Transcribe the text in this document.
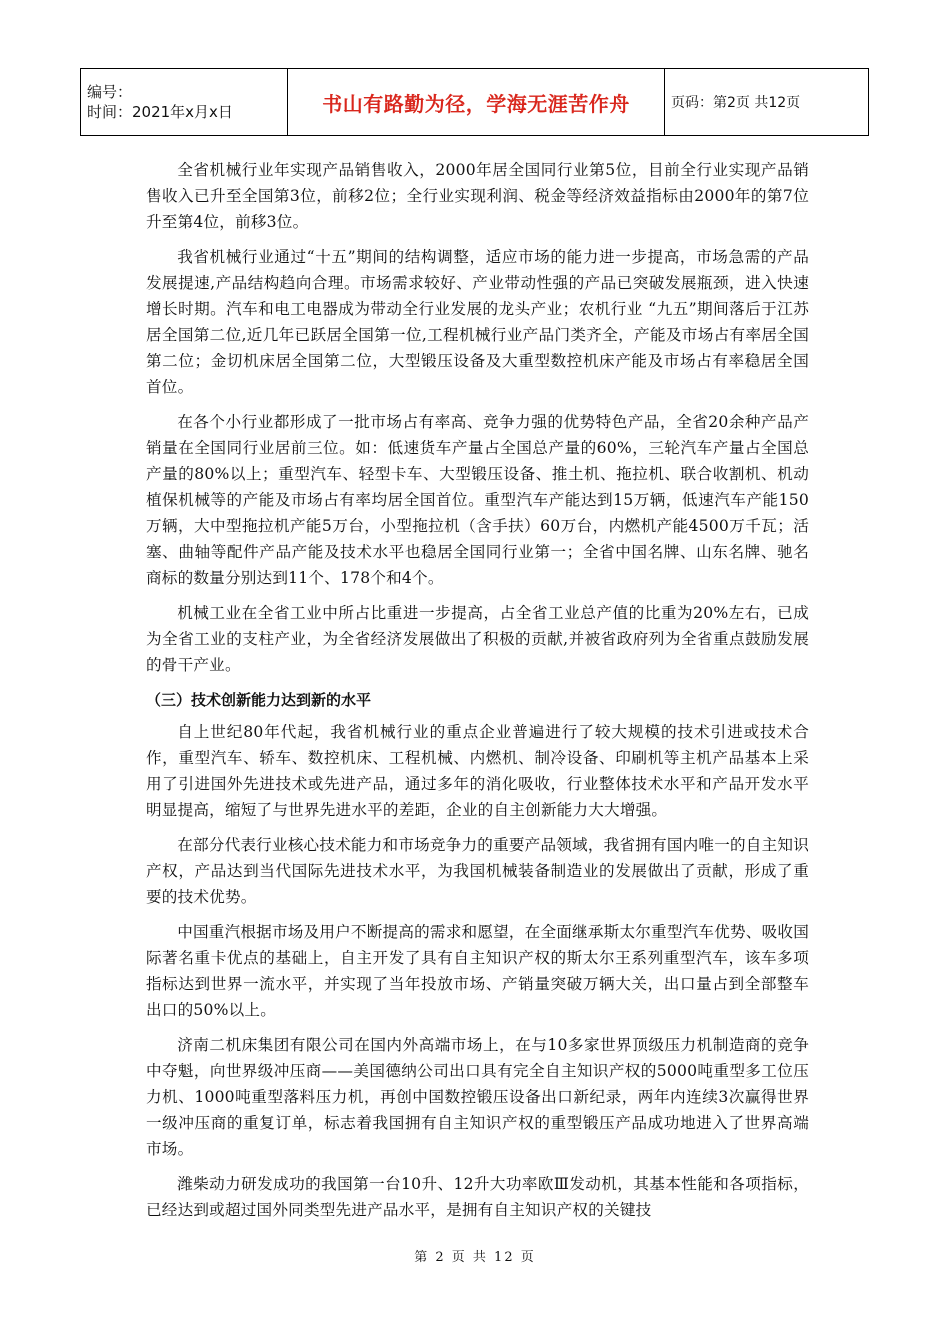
编号：
时间：2021年x月x日	书山有路勤为径，学海无涯苦作舟	页码：第2页 共12页

全省机械行业年实现产品销售收入，2000年居全国同行业第5位，目前全行业实现产品销售收入已升至全国第3位，前移2位；全行业实现利润、税金等经济效益指标由2000年的第7位升至第4位，前移3位。

我省机械行业通过“十五”期间的结构调整，适应市场的能力进一步提高，市场急需的产品发展提速,产品结构趋向合理。市场需求较好、产业带动性强的产品已突破发展瓶颈，进入快速增长时期。汽车和电工电器成为带动全行业发展的龙头产业；农机行业 “九五”期间落后于江苏居全国第二位,近几年已跃居全国第一位,工程机械行业产品门类齐全，产能及市场占有率居全国第二位；金切机床居全国第二位，大型锻压设备及大重型数控机床产能及市场占有率稳居全国首位。

在各个小行业都形成了一批市场占有率高、竞争力强的优势特色产品，全省20余种产品产销量在全国同行业居前三位。如：低速货车产量占全国总产量的60%，三轮汽车产量占全国总产量的80%以上；重型汽车、轻型卡车、大型锻压设备、推土机、拖拉机、联合收割机、机动植保机械等的产能及市场占有率均居全国首位。重型汽车产能达到15万辆，低速汽车产能150万辆，大中型拖拉机产能5万台，小型拖拉机（含手扶）60万台，内燃机产能4500万千瓦；活塞、曲轴等配件产品产能及技术水平也稳居全国同行业第一；全省中国名牌、山东名牌、驰名商标的数量分别达到11个、178个和4个。

机械工业在全省工业中所占比重进一步提高，占全省工业总产值的比重为20%左右，已成为全省工业的支柱产业，为全省经济发展做出了积极的贡献,并被省政府列为全省重点鼓励发展的骨干产业。

（三）技术创新能力达到新的水平

自上世纪80年代起，我省机械行业的重点企业普遍进行了较大规模的技术引进或技术合作，重型汽车、轿车、数控机床、工程机械、内燃机、制冷设备、印刷机等主机产品基本上采用了引进国外先进技术或先进产品，通过多年的消化吸收，行业整体技术水平和产品开发水平明显提高，缩短了与世界先进水平的差距，企业的自主创新能力大大增强。

在部分代表行业核心技术能力和市场竞争力的重要产品领域，我省拥有国内唯一的自主知识产权，产品达到当代国际先进技术水平，为我国机械装备制造业的发展做出了贡献，形成了重要的技术优势。

中国重汽根据市场及用户不断提高的需求和愿望，在全面继承斯太尔重型汽车优势、吸收国际著名重卡优点的基础上，自主开发了具有自主知识产权的斯太尔王系列重型汽车，该车多项指标达到世界一流水平，并实现了当年投放市场、产销量突破万辆大关，出口量占到全部整车出口的50%以上。

济南二机床集团有限公司在国内外高端市场上，在与10多家世界顶级压力机制造商的竞争中夺魁，向世界级冲压商——美国德纳公司出口具有完全自主知识产权的5000吨重型多工位压力机、1000吨重型落料压力机，再创中国数控锻压设备出口新纪录，两年内连续3次赢得世界一级冲压商的重复订单，标志着我国拥有自主知识产权的重型锻压产品成功地进入了世界高端市场。

潍柴动力研发成功的我国第一台10升、12升大功率欧Ⅲ发动机，其基本性能和各项指标，已经达到或超过国外同类型先进产品水平，是拥有自主知识产权的关键技

第 2 页 共 12 页
